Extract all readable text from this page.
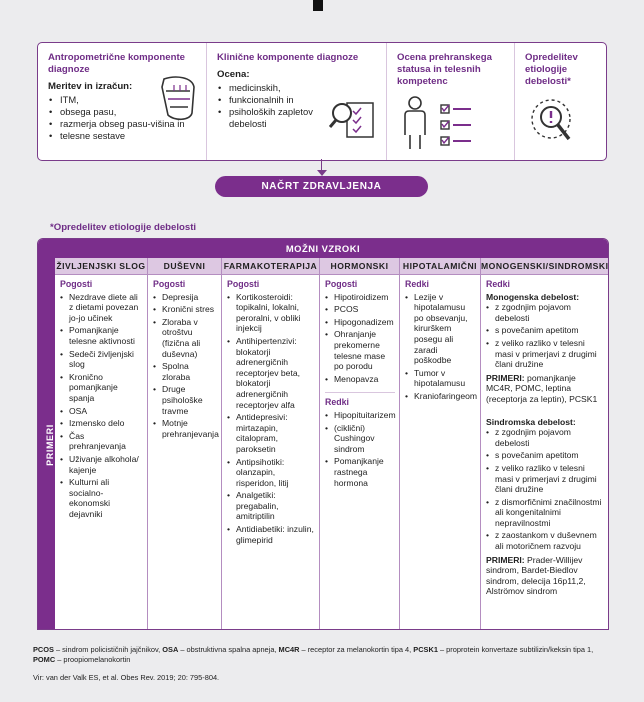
Antropometrične komponente diagnoze
Meritev in izračun:
• ITM,
• obsega pasu,
• razmerja obseg pasu-višina in
• telesne sestave
Klinične komponente diagnoze
Ocena:
• medicinskih,
• funkcionalnih in
• psiholoških zapletov debelosti
Ocena prehranskega statusa in telesnih kompetenc
Opredelitev etiologije debelosti*
NAČRT ZDRAVLJENJA
*Opredelitev etiologije debelosti
MOŽNI VZROKI
PRIMERI
ŽIVLJENJSKI SLOG
Pogosti
• Nezdrave diete ali z dietami povezan jo-jo učinek
• Pomanjkanje telesne aktivnosti
• Sedeči življenjski slog
• Kronično pomanjkanje spanja
• OSA
• Izmensko delo
• Čas prehranjevanja
• Uživanje alkohola/ kajenje
• Kulturni ali socialno-ekonomski dejavniki
DUŠEVNI
Pogosti
• Depresija
• Kronični stres
• Zloraba v otroštvu (fizična ali duševna)
• Spolna zloraba
• Druge psihološke travme
• Motnje prehranjevanja
FARMAKOTERAPIJA
Pogosti
• Kortikosteroidi: topikalni, lokalni, peroralni, v obliki injekcij
• Antihipertenzivi: blokatorji adrenergičnih receptorjev beta, blokatorji adrenergičnih receptorjev alfa
• Antidepresivi: mirtazapin, citalopram, paroksetin
• Antipsihotiki: olanzapin, risperidon, litij
• Analgetiki: pregabalin, amitriptilin
• Antidiabetiki: inzulin, glimepirid
HORMONSKI
Pogosti
• Hipotiroidizem
• PCOS
• Hipogonadizem
• Ohranjanje prekomerne telesne mase po porodu
• Menopavza
Redki
• Hipopituitarizem
• (ciklični) Cushingov sindrom
• Pomanjkanje rastnega hormona
HIPOTALAMIČNI
Redki
• Lezije v hipotalamusu po obsevanju, kirurškem posegu ali zaradi poškodbe
• Tumor v hipotalamusu
• Kraniofaringeom
MONOGENSKI/SINDROMSKI
Redki
Monogenska debelost:
• z zgodnjim pojavom debelosti
• s povečanim apetitom
• z veliko razliko v telesni masi v primerjavi z drugimi člani družine
PRIMERI: pomanjkanje MC4R, POMC, leptina (receptorja za leptin), PCSK1
Sindromska debelost:
• z zgodnjim pojavom debelosti
• s povečanim apetitom
• z veliko razliko v telesni masi v primerjavi z drugimi člani družine
• z dismorfičnimi značilnostmi ali kongenitalnimi nepravilnostmi
• z zaostankom v duševnem ali motoričnem razvoju
PRIMERI: Prader-Willijev sindrom, Bardet-Biedlov sindrom, delecija 16p11,2, Alströmov sindrom
PCOS – sindrom policističnih jajčnikov, OSA – obstruktivna spalna apneja, MC4R – receptor za melanokortin tipa 4, PCSK1 – proprotein konvertaze subtilizin/keksin tipa 1,
POMC – proopiomelanokortin
Vir: van der Valk ES, et al. Obes Rev. 2019; 20: 795-804.
